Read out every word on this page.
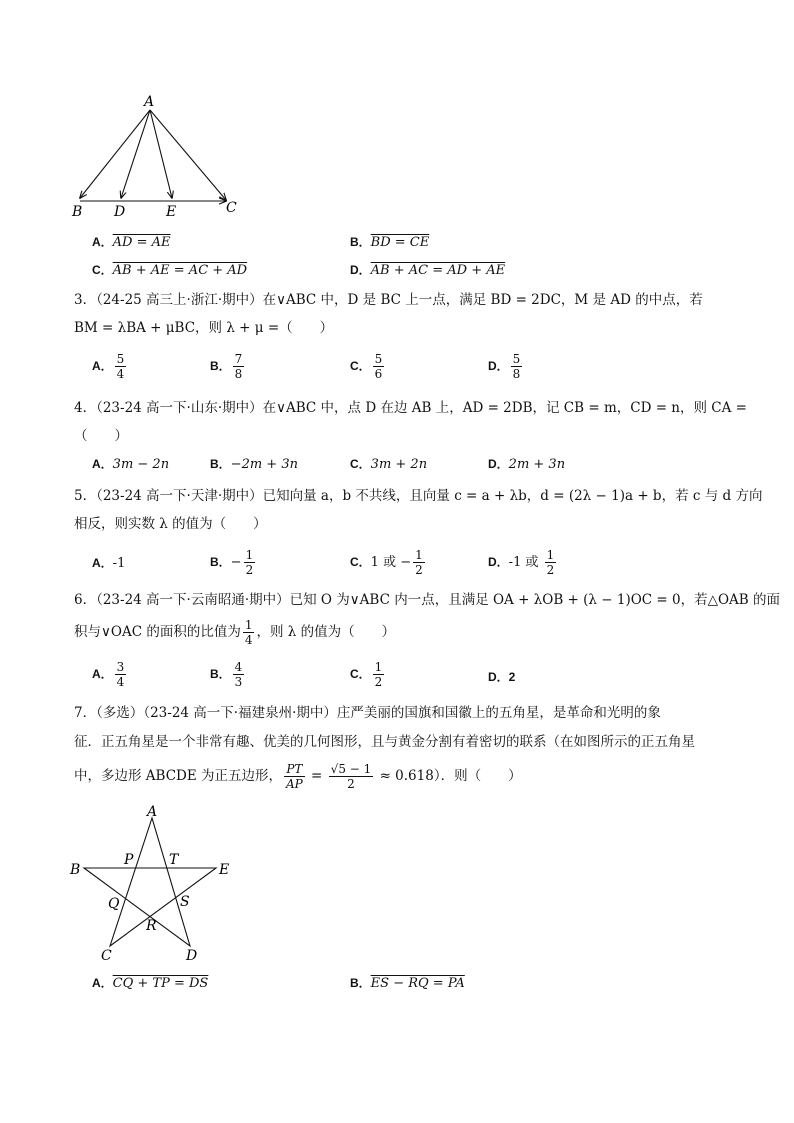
A
B D	E	C
A．AD = AE	B．BD = CE
C．AB + AE = AC + AD	D．AB + AC = AD + AE
3．（24-25 高三上·浙江·期中）在∨ABC 中，D 是 BC 上一点，满足 BD = 2DC，M 是 AD 的中点，若
BM = λBA + μBC，则 λ + μ =（　　）
A． $\frac{5}{4}$	B． $\frac{7}{8}$	C． $\frac{5}{6}$	D． $\frac{5}{8}$
4．（23-24 高一下·山东·期中）在∨ABC 中，点 D 在边 AB 上，AD = 2DB，记 CB = m，CD = n，则 CA =
（　　）
A．3m − 2n	B．−2m + 3n	C．3m + 2n	D．2m + 3n
5．（23-24 高一下·天津·期中）已知向量 a，b 不共线，且向量 c = a + λb，d = (2λ − 1)a + b，若 c 与 d 方向
相反，则实数 λ 的值为（　　）
A．-1	B．− $\frac{1}{2}$	C．1 或 − $\frac{1}{2}$	D．-1 或 $\frac{1}{2}$
6．（23-24 高一下·云南昭通·期中）已知 O 为∨ABC 内一点，且满足 OA + λOB + (λ − 1)OC = 0，若△OAB 的面
积与∨OAC 的面积的比值为 $\frac{1}{4}$ ，则 λ 的值为（　　）
A． $\frac{3}{4}$	B． $\frac{4}{3}$	C． $\frac{1}{2}$	D．2
7．（多选）（23-24 高一下·福建泉州·期中）庄严美丽的国旗和国徽上的五角星，是革命和光明的象
征．正五角星是一个非常有趣、优美的几何图形，且与黄金分割有着密切的联系（在如图所示的正五角星
中，多边形 ABCDE 为正五边形， $\frac{PT}{AP} = \frac{√5 - 1}{2} \approx 0.618$）．则（　　）
A
B	E
C	D
P	T
Q	S
R
A．CQ + TP = DS	B．ES − RQ = PA
